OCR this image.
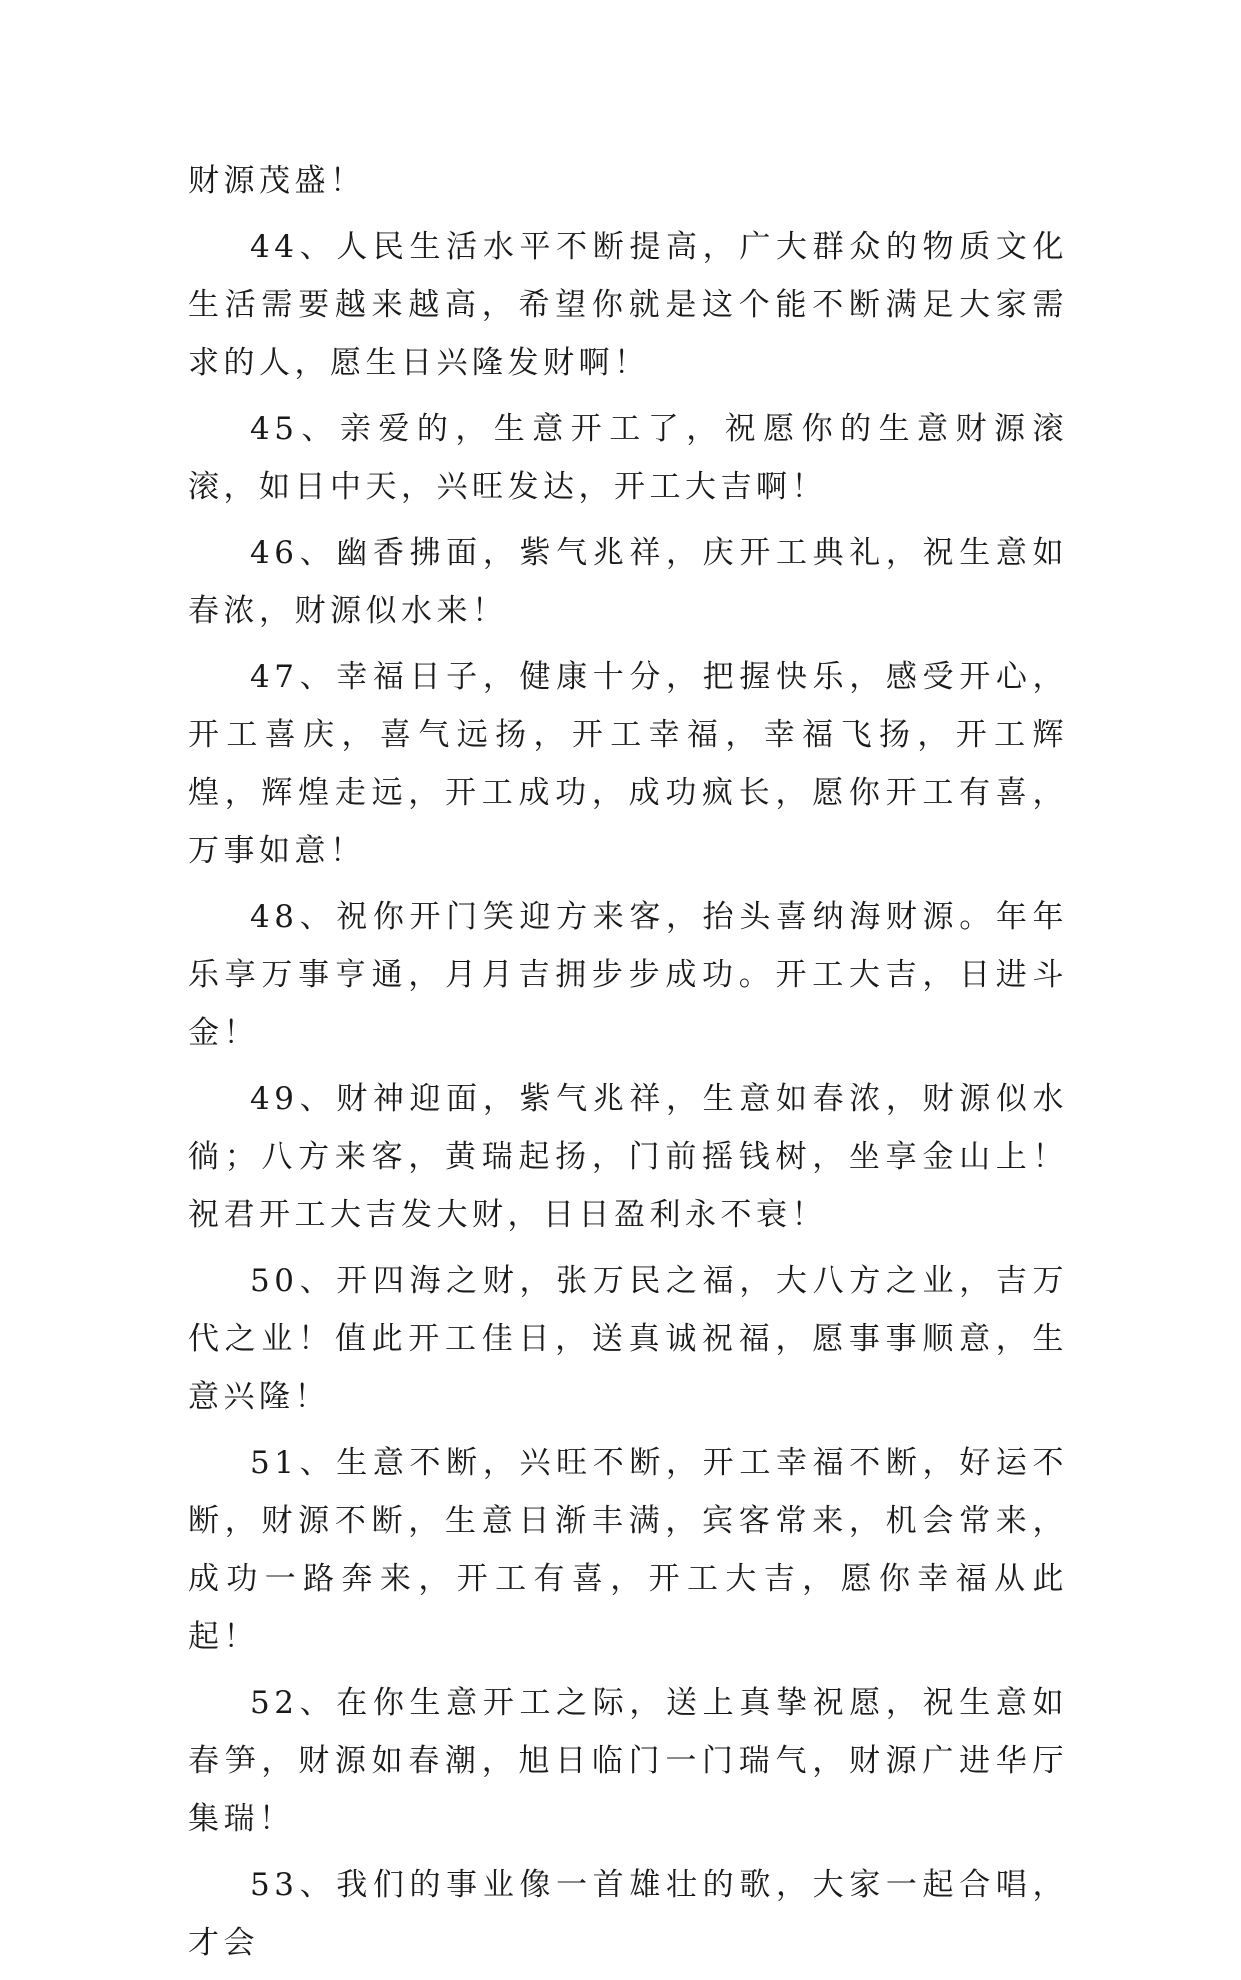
财源茂盛！

44、人民生活水平不断提高，广大群众的物质文化生活需要越来越高，希望你就是这个能不断满足大家需求的人，愿生日兴隆发财啊！

45、亲爱的，生意开工了，祝愿你的生意财源滚滚，如日中天，兴旺发达，开工大吉啊！

46、幽香拂面，紫气兆祥，庆开工典礼，祝生意如春浓，财源似水来！

47、幸福日子，健康十分，把握快乐，感受开心，开工喜庆，喜气远扬，开工幸福，幸福飞扬，开工辉煌，辉煌走远，开工成功，成功疯长，愿你开工有喜，万事如意！

48、祝你开门笑迎方来客，抬头喜纳海财源。年年乐享万事亨通，月月吉拥步步成功。开工大吉，日进斗金！

49、财神迎面，紫气兆祥，生意如春浓，财源似水徜；八方来客，黄瑞起扬，门前摇钱树，坐享金山上！祝君开工大吉发大财，日日盈利永不衰！

50、开四海之财，张万民之福，大八方之业，吉万代之业！值此开工佳日，送真诚祝福，愿事事顺意，生意兴隆！

51、生意不断，兴旺不断，开工幸福不断，好运不断，财源不断，生意日渐丰满，宾客常来，机会常来，成功一路奔来，开工有喜，开工大吉，愿你幸福从此起！

52、在你生意开工之际，送上真挚祝愿，祝生意如春笋，财源如春潮，旭日临门一门瑞气，财源广进华厅集瑞！

53、我们的事业像一首雄壮的歌，大家一起合唱，才会
